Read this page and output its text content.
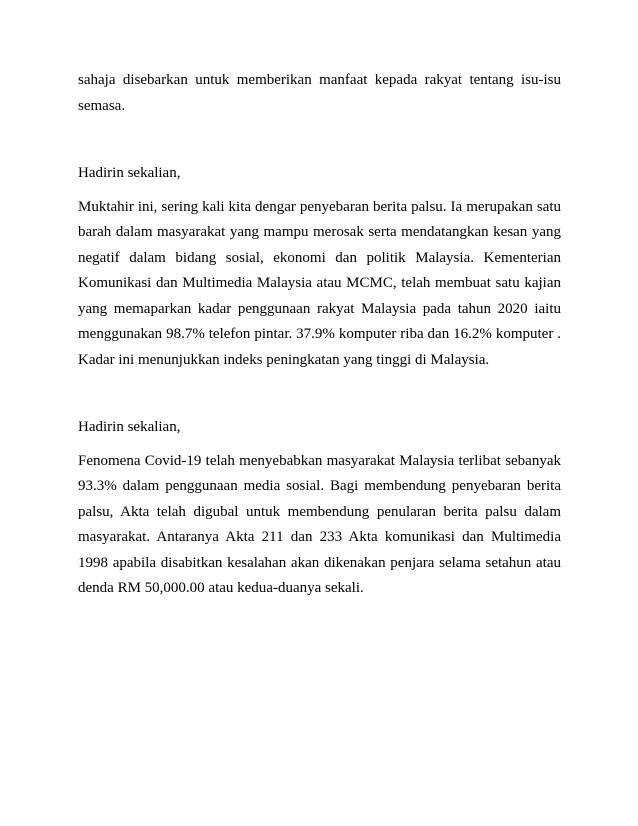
sahaja disebarkan untuk memberikan manfaat kepada rakyat tentang isu-isu semasa.

Hadirin sekalian,

Muktahir ini, sering kali kita dengar penyebaran berita palsu. Ia merupakan satu barah dalam masyarakat yang mampu merosak serta mendatangkan kesan yang negatif dalam bidang sosial, ekonomi dan politik Malaysia. Kementerian Komunikasi dan Multimedia Malaysia atau MCMC, telah membuat satu kajian yang memaparkan kadar penggunaan rakyat Malaysia pada tahun 2020 iaitu menggunakan 98.7% telefon pintar. 37.9% komputer riba dan 16.2% komputer . Kadar ini menunjukkan indeks peningkatan yang tinggi di Malaysia.

Hadirin sekalian,

Fenomena Covid-19 telah menyebabkan masyarakat Malaysia terlibat sebanyak 93.3% dalam penggunaan media sosial. Bagi membendung penyebaran berita palsu, Akta telah digubal untuk membendung penularan berita palsu dalam masyarakat. Antaranya Akta 211 dan 233 Akta komunikasi dan Multimedia 1998 apabila disabitkan kesalahan akan dikenakan penjara selama setahun atau denda RM 50,000.00 atau kedua-duanya sekali.
